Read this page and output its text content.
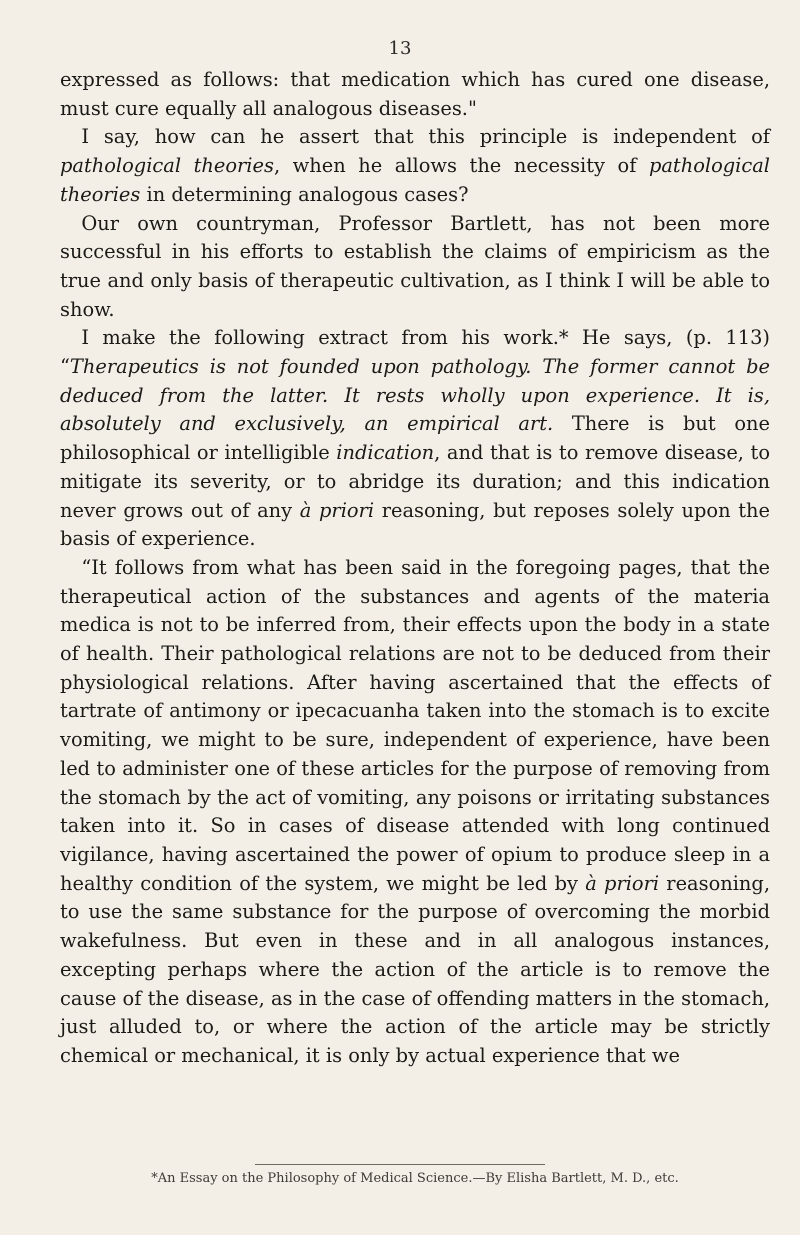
13

expressed as follows: that medication which has cured one disease, must cure equally all analogous diseases."

I say, how can he assert that this principle is independent of pathological theories, when he allows the necessity of pathological theories in determining analogous cases?

Our own countryman, Professor Bartlett, has not been more successful in his efforts to establish the claims of empiricism as the true and only basis of therapeutic cultivation, as I think I will be able to show.

I make the following extract from his work.* He says, (p. 113) “Therapeutics is not founded upon pathology. The former cannot be deduced from the latter. It rests wholly upon experience. It is, absolutely and exclusively, an empirical art. There is but one philosophical or intelligible indication, and that is to remove disease, to mitigate its severity, or to abridge its duration; and this indication never grows out of any à priori reasoning, but reposes solely upon the basis of experience.

“It follows from what has been said in the foregoing pages, that the therapeutical action of the substances and agents of the materia medica is not to be inferred from, their effects upon the body in a state of health. Their pathological relations are not to be deduced from their physiological relations. After having ascertained that the effects of tartrate of antimony or ipecacuanha taken into the stomach is to excite vomiting, we might to be sure, independent of experience, have been led to administer one of these articles for the purpose of removing from the stomach by the act of vomiting, any poisons or irritating substances taken into it. So in cases of disease attended with long continued vigilance, having ascertained the power of opium to produce sleep in a healthy condition of the system, we might be led by à priori reasoning, to use the same substance for the purpose of overcoming the morbid wakefulness. But even in these and in all analogous instances, excepting perhaps where the action of the article is to remove the cause of the disease, as in the case of offending matters in the stomach, just alluded to, or where the action of the article may be strictly chemical or mechanical, it is only by actual experience that we

*An Essay on the Philosophy of Medical Science.—By Elisha Bartlett, M. D., etc.
